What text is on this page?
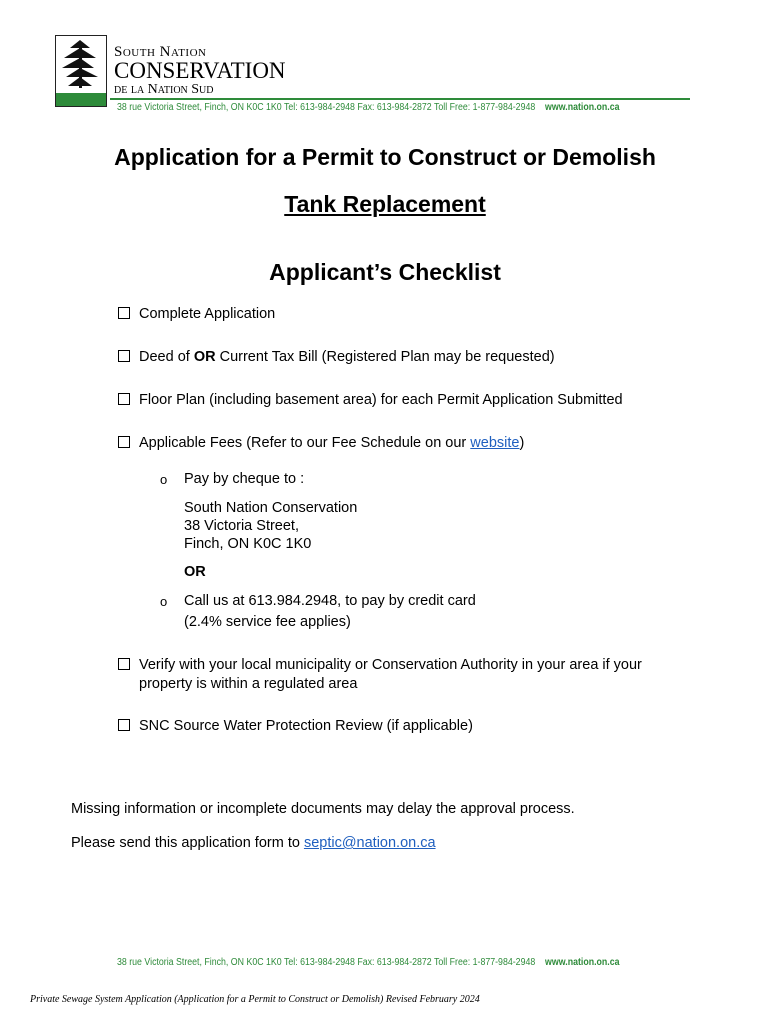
South Nation
CONSERVATION
de la Nation Sud
38 rue Victoria Street, Finch, ON K0C 1K0 Tel: 613-984-2948 Fax: 613-984-2872 Toll Free: 1-877-984-2948 www.nation.on.ca
Application for a Permit to Construct or Demolish
Tank Replacement
Applicant’s Checklist
Complete Application
Deed of OR Current Tax Bill (Registered Plan may be requested)
Floor Plan (including basement area) for each Permit Application Submitted
Applicable Fees (Refer to our Fee Schedule on our website)
o Pay by cheque to :
South Nation Conservation
38 Victoria Street,
Finch, ON K0C 1K0
OR
o Call us at 613.984.2948, to pay by credit card
(2.4% service fee applies)
Verify with your local municipality or Conservation Authority in your area if your
property is within a regulated area
SNC Source Water Protection Review (if applicable)
Missing information or incomplete documents may delay the approval process.
Please send this application form to septic@nation.on.ca
38 rue Victoria Street, Finch, ON K0C 1K0 Tel: 613-984-2948 Fax: 613-984-2872 Toll Free: 1-877-984-2948 www.nation.on.ca
Private Sewage System Application (Application for a Permit to Construct or Demolish) Revised February 2024
